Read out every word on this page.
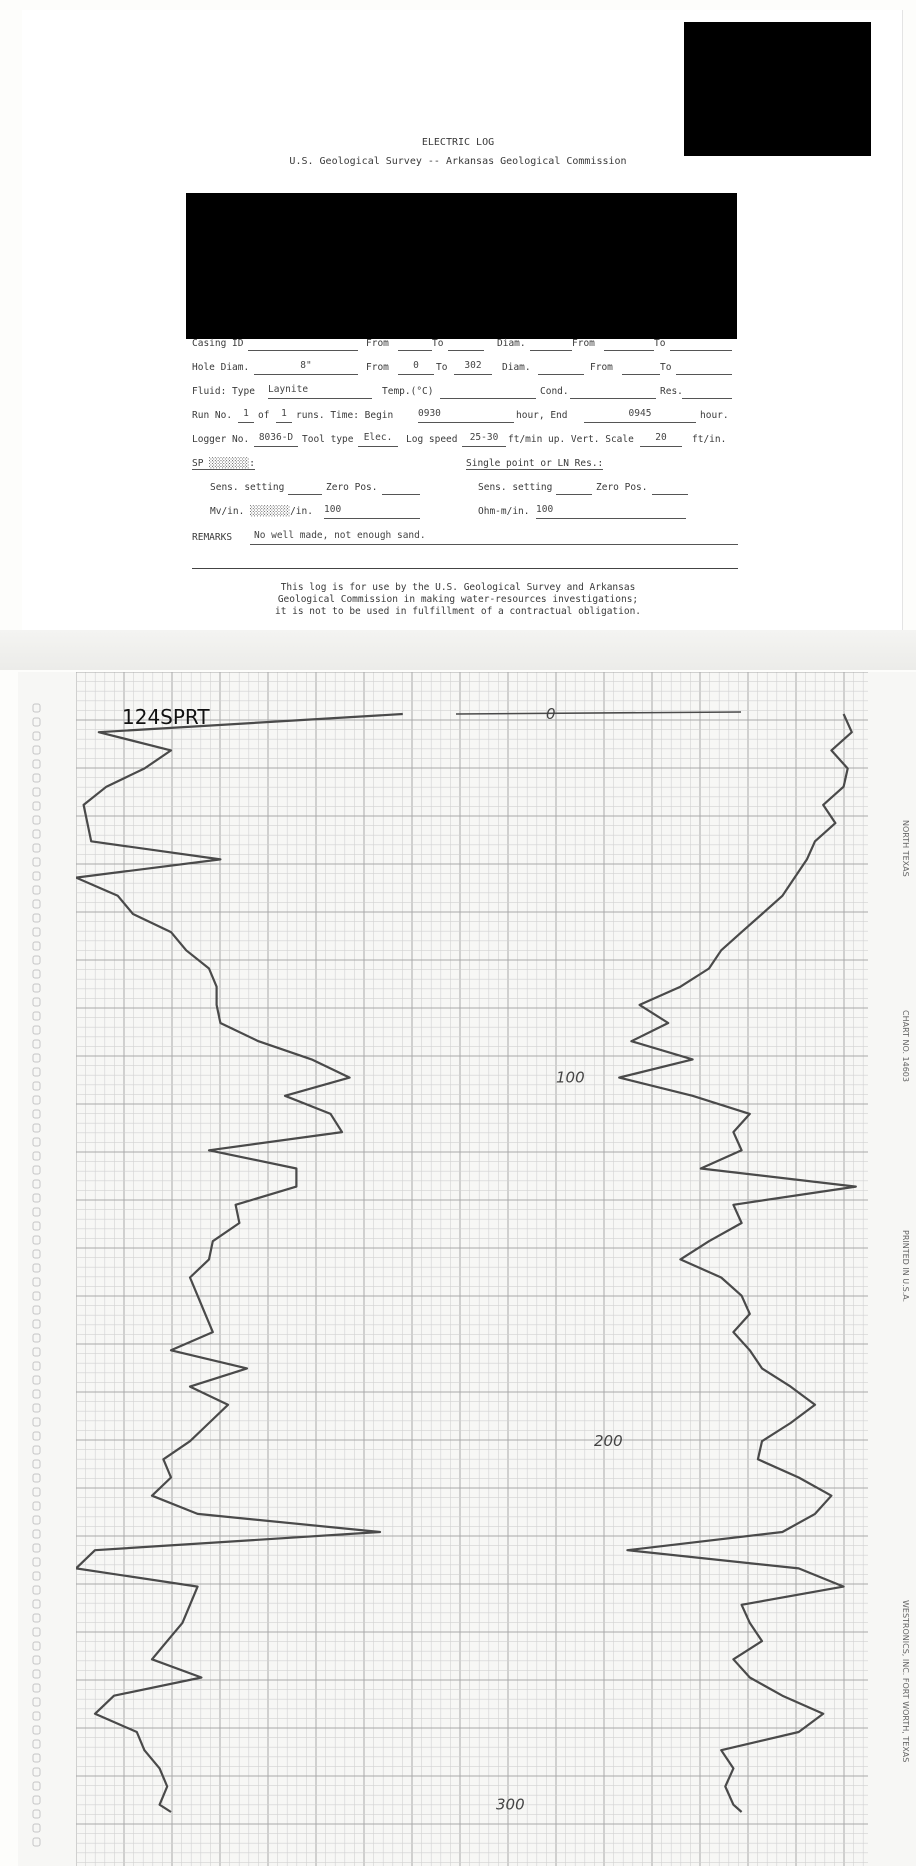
ELECTRIC LOG
U.S. Geological Survey -- Arkansas Geological Commission
Casing ID	From	To	Diam.	From	To
Hole Diam.	8"	From	0	To	302	Diam.	From	To
Fluid: Type Laynite	Temp.(°C)	Cond.	Res.
Run No.	1 of	1 runs. Time: Begin	0930	hour, End	0945	hour.
Logger No.	8036-D Tool type	Elec.	Log speed	25-30	ft/min up. Vert. Scale	20	ft/in.
SP ░░░░░░░:	Single point or LN Res.:
Sens. setting	Zero Pos.	Sens. setting	Zero Pos.
Mv/in. ░░░░░░░/in. 100	Ohm-m/in. 100
REMARKS	No well made, not enough sand.
This log is for use by the U.S. Geological Survey and Arkansas
Geological Commission in making water-resources investigations;
it is not to be used in fulfillment of a contractual obligation.
0
100
200
300
124SPRT
CHART NO. 14603
WESTRONICS, INC. FORT WORTH, TEXAS
NORTH TEXAS
PRINTED IN U.S.A.
